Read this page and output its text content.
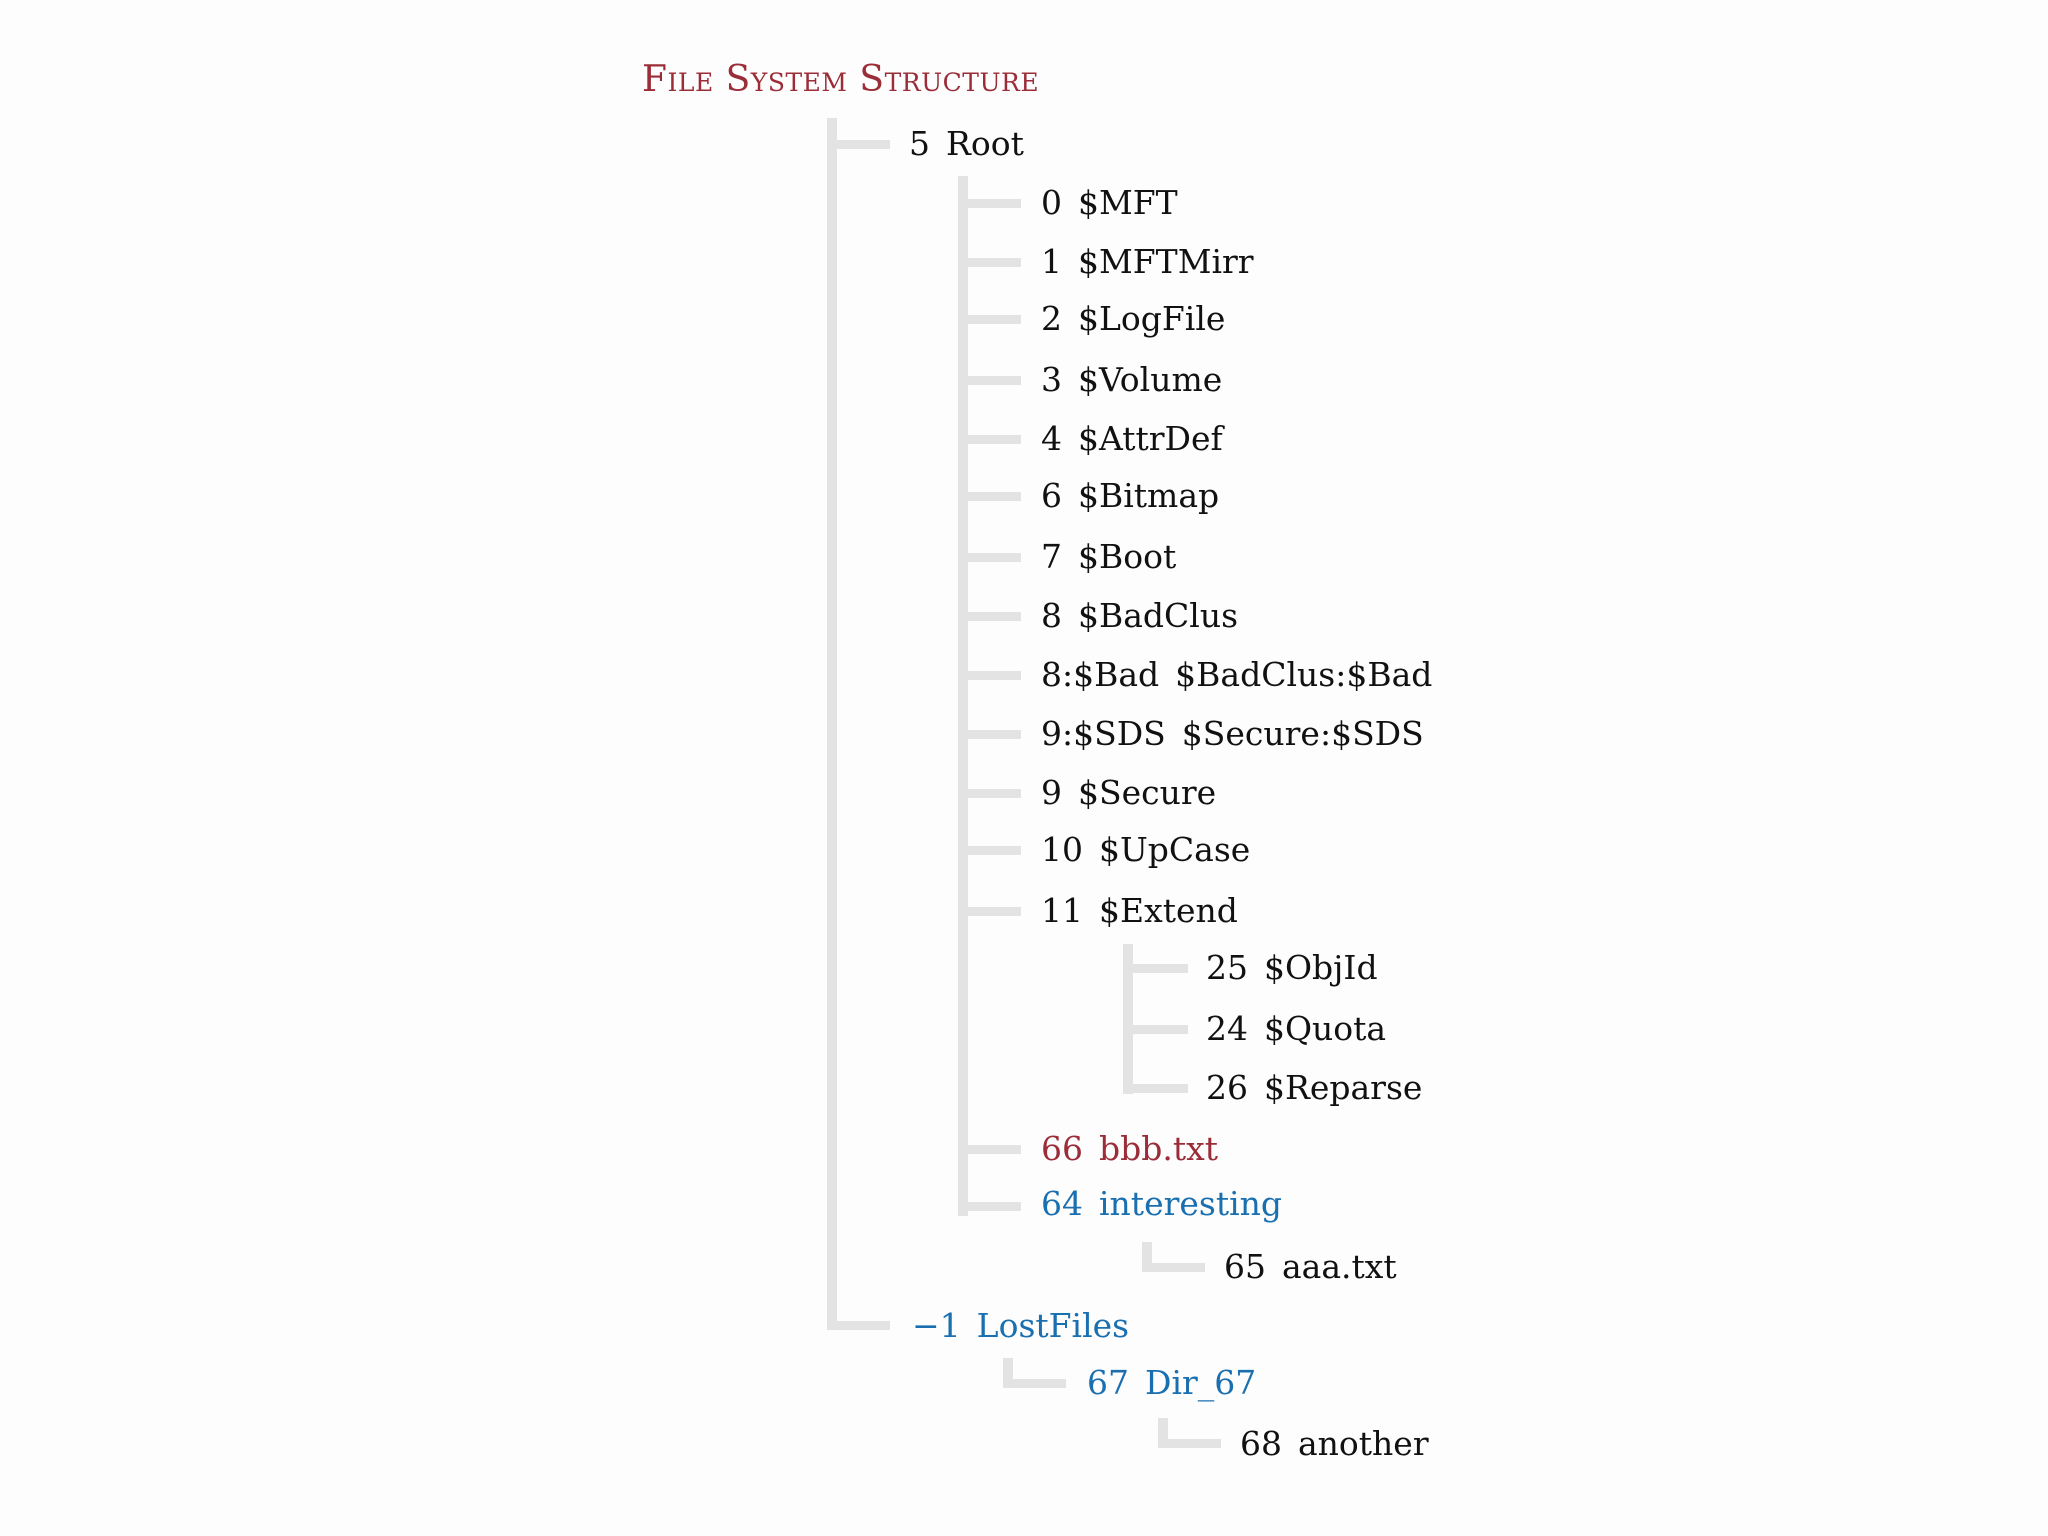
File System Structure
5 Root
0 $MFT
1 $MFTMirr
2 $LogFile
3 $Volume
4 $AttrDef
6 $Bitmap
7 $Boot
8 $BadClus
8:$Bad $BadClus:$Bad
9:$SDS $Secure:$SDS
9 $Secure
10 $UpCase
11 $Extend
25 $ObjId
24 $Quota
26 $Reparse
66 bbb.txt
64 interesting
65 aaa.txt
−1 LostFiles
67 Dir_67
68 another
